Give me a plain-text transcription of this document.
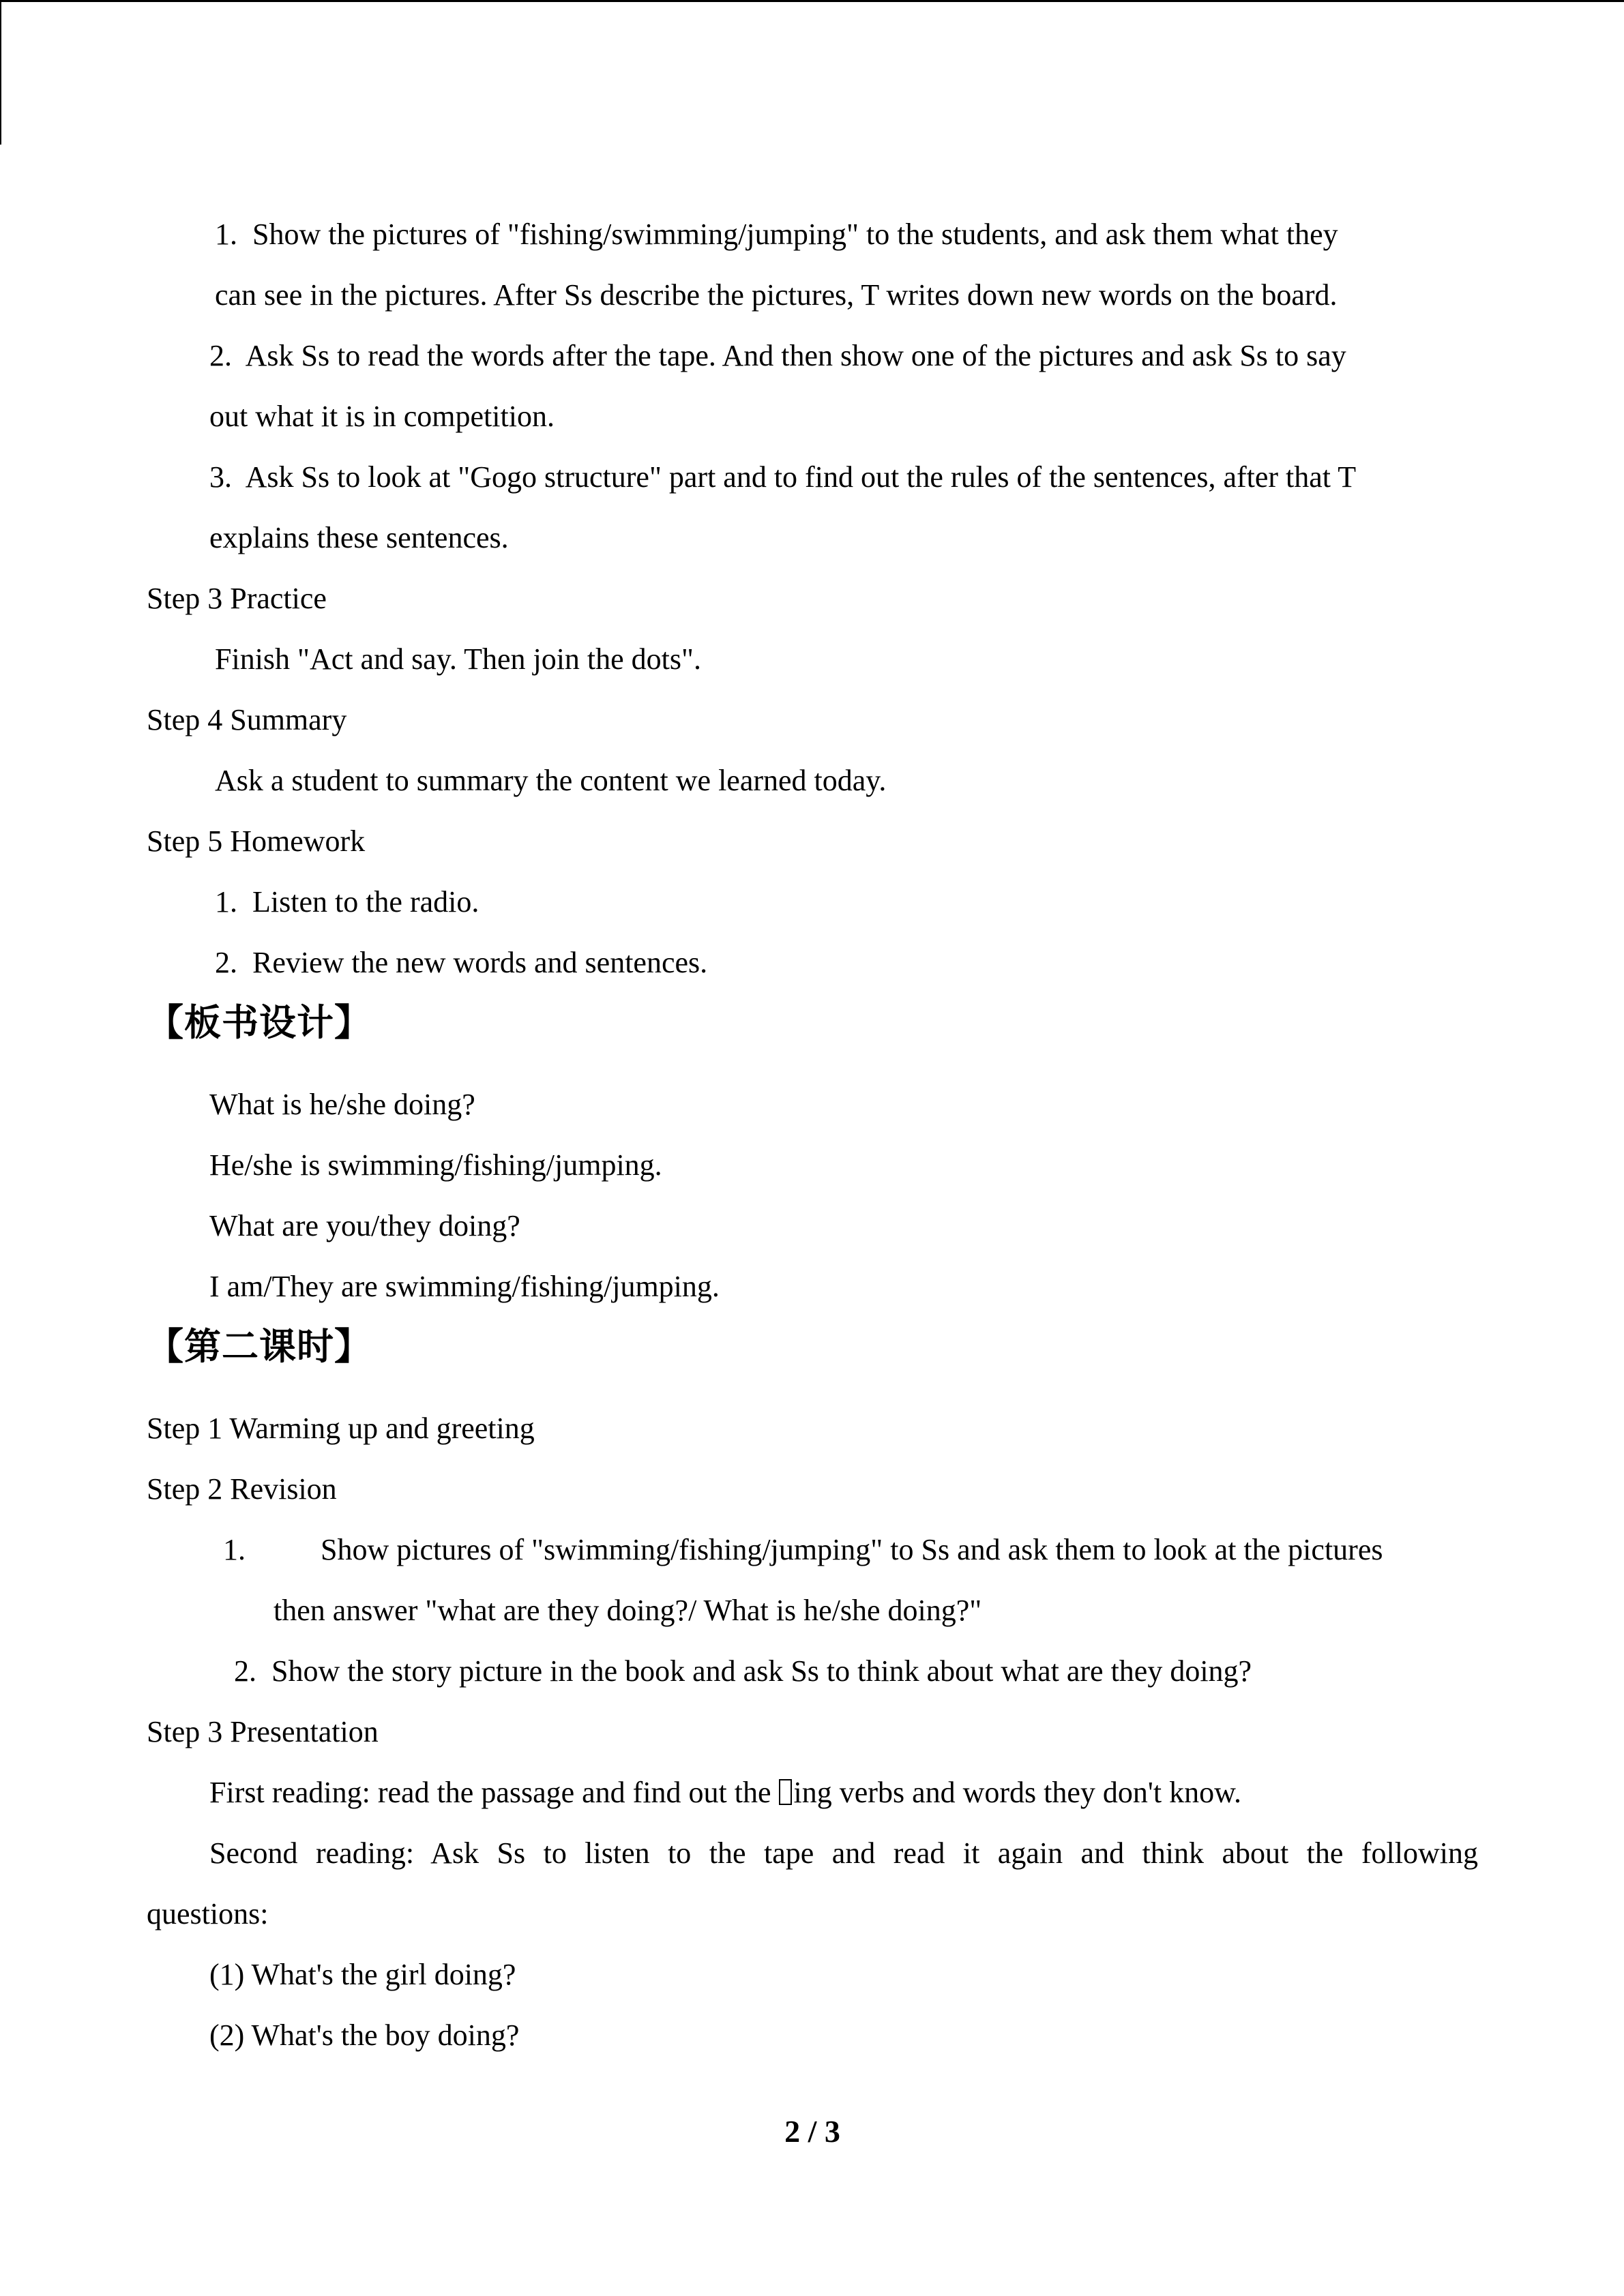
1.  Show the pictures of "fishing/swimming/jumping" to the students, and ask them what they
can see in the pictures. After Ss describe the pictures, T writes down new words on the board.
2.  Ask Ss to read the words after the tape. And then show one of the pictures and ask Ss to say
out what it is in competition.
3.  Ask Ss to look at "Gogo structure" part and to find out the rules of the sentences, after that T
explains these sentences.
Step 3 Practice
Finish "Act and say. Then join the dots".
Step 4 Summary
Ask a student to summary the content we learned today.
Step 5 Homework
1.  Listen to the radio.
2.  Review the new words and sentences.
【板书设计】
What is he/she doing?
He/she is swimming/fishing/jumping.
What are you/they doing?
I am/They are swimming/fishing/jumping.
【第二课时】
Step 1 Warming up and greeting
Step 2 Revision
1.          Show pictures of "swimming/fishing/jumping" to Ss and ask them to look at the pictures
then answer "what are they doing?/ What is he/she doing?"
2.  Show the story picture in the book and ask Ss to think about what are they doing?
Step 3 Presentation
First reading: read the passage and find out the ing verbs and words they don't know.
Second reading: Ask Ss to listen to the tape and read it again and think about the following
questions:
(1) What's the girl doing?
(2) What's the boy doing?
2 / 3
